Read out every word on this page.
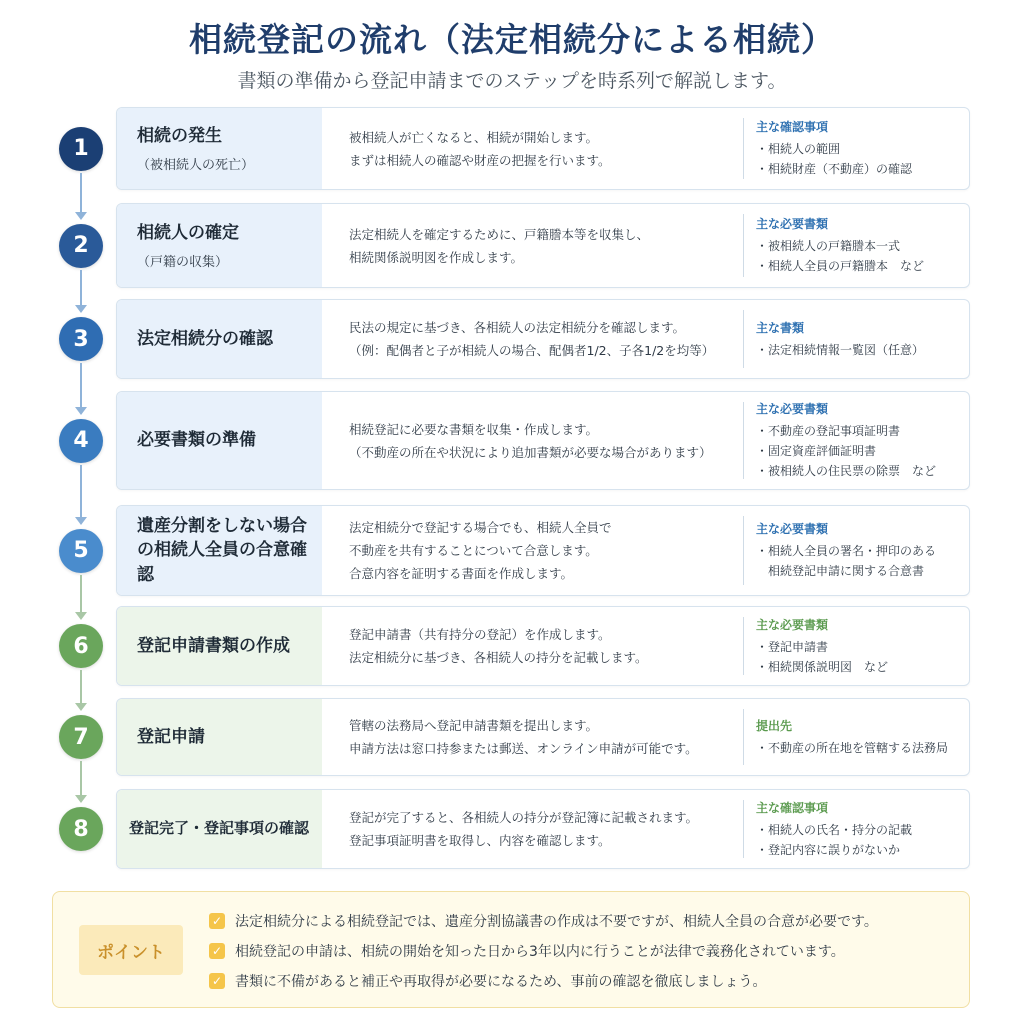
相続登記の流れ（法定相続分による相続）
書類の準備から登記申請までのステップを時系列で解説します。
1
2
3
4
5
6
7
8
相続の発生
（被相続人の死亡）
被相続人が亡くなると、相続が開始します。
まずは相続人の確認や財産の把握を行います。
主な確認事項
・相続人の範囲
・相続財産（不動産）の確認
相続人の確定
（戸籍の収集）
法定相続人を確定するために、戸籍謄本等を収集し、
相続関係説明図を作成します。
主な必要書類
・被相続人の戸籍謄本一式
・相続人全員の戸籍謄本　など
法定相続分の確認
民法の規定に基づき、各相続人の法定相続分を確認します。
（例：配偶者と子が相続人の場合、配偶者1/2、子各1/2を均等）
主な書類
・法定相続情報一覧図（任意）
必要書類の準備
相続登記に必要な書類を収集・作成します。
（不動産の所在や状況により追加書類が必要な場合があります）
主な必要書類
・不動産の登記事項証明書
・固定資産評価証明書
・被相続人の住民票の除票　など
遺産分割をしない場合の相続人全員の合意確認
法定相続分で登記する場合でも、相続人全員で
不動産を共有することについて合意します。
合意内容を証明する書面を作成します。
主な必要書類
・相続人全員の署名・押印のある
　相続登記申請に関する合意書
登記申請書類の作成
登記申請書（共有持分の登記）を作成します。
法定相続分に基づき、各相続人の持分を記載します。
主な必要書類
・登記申請書
・相続関係説明図　など
登記申請
管轄の法務局へ登記申請書類を提出します。
申請方法は窓口持参または郵送、オンライン申請が可能です。
提出先
・不動産の所在地を管轄する法務局
登記完了・登記事項の確認
登記が完了すると、各相続人の持分が登記簿に記載されます。
登記事項証明書を取得し、内容を確認します。
主な確認事項
・相続人の氏名・持分の記載
・登記内容に誤りがないか
ポイント
✓ 法定相続分による相続登記では、遺産分割協議書の作成は不要ですが、相続人全員の合意が必要です。
✓ 相続登記の申請は、相続の開始を知った日から3年以内に行うことが法律で義務化されています。
✓ 書類に不備があると補正や再取得が必要になるため、事前の確認を徹底しましょう。
